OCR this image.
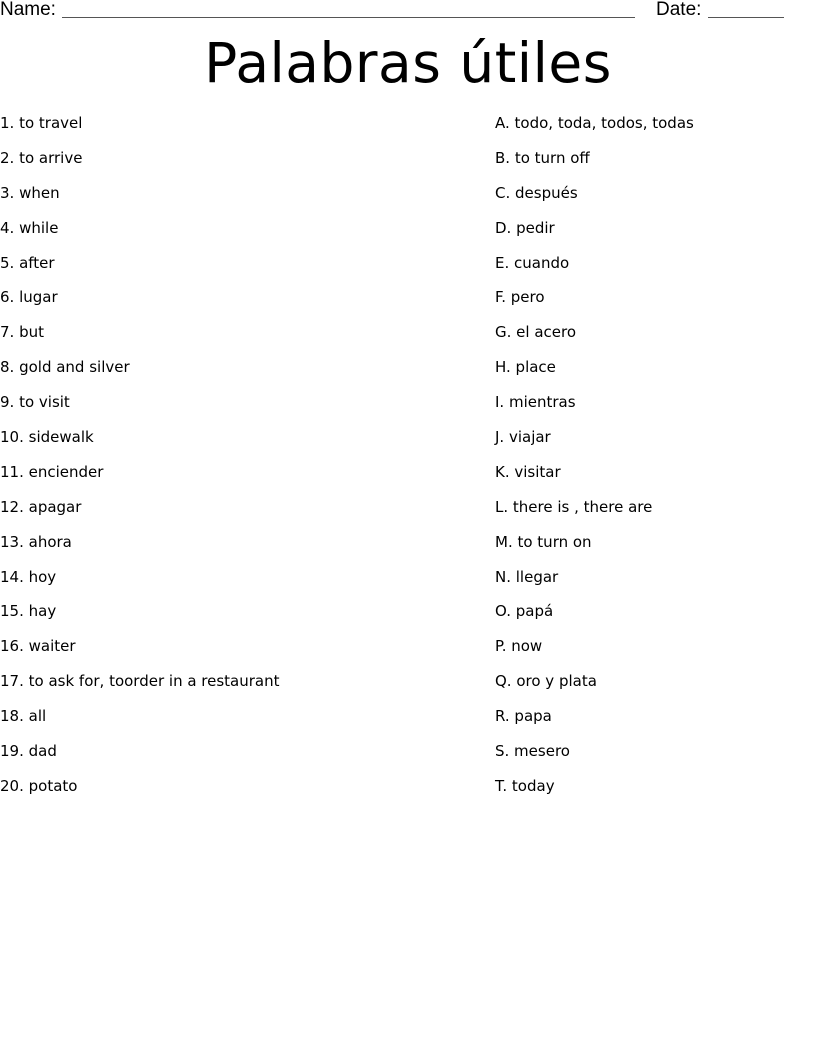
Name:	Date:
Palabras útiles
1. to travel
2. to arrive
3. when
4. while
5. after
6. lugar
7. but
8. gold and silver
9. to visit
10. sidewalk
11. enciender
12. apagar
13. ahora
14. hoy
15. hay
16. waiter
17. to ask for, toorder in a restaurant
18. all
19. dad
20. potato
A. todo, toda, todos, todas
B. to turn off
C. después
D. pedir
E. cuando
F. pero
G. el acero
H. place
I. mientras
J. viajar
K. visitar
L. there is , there are
M. to turn on
N. llegar
O. papá
P. now
Q. oro y plata
R. papa
S. mesero
T. today
